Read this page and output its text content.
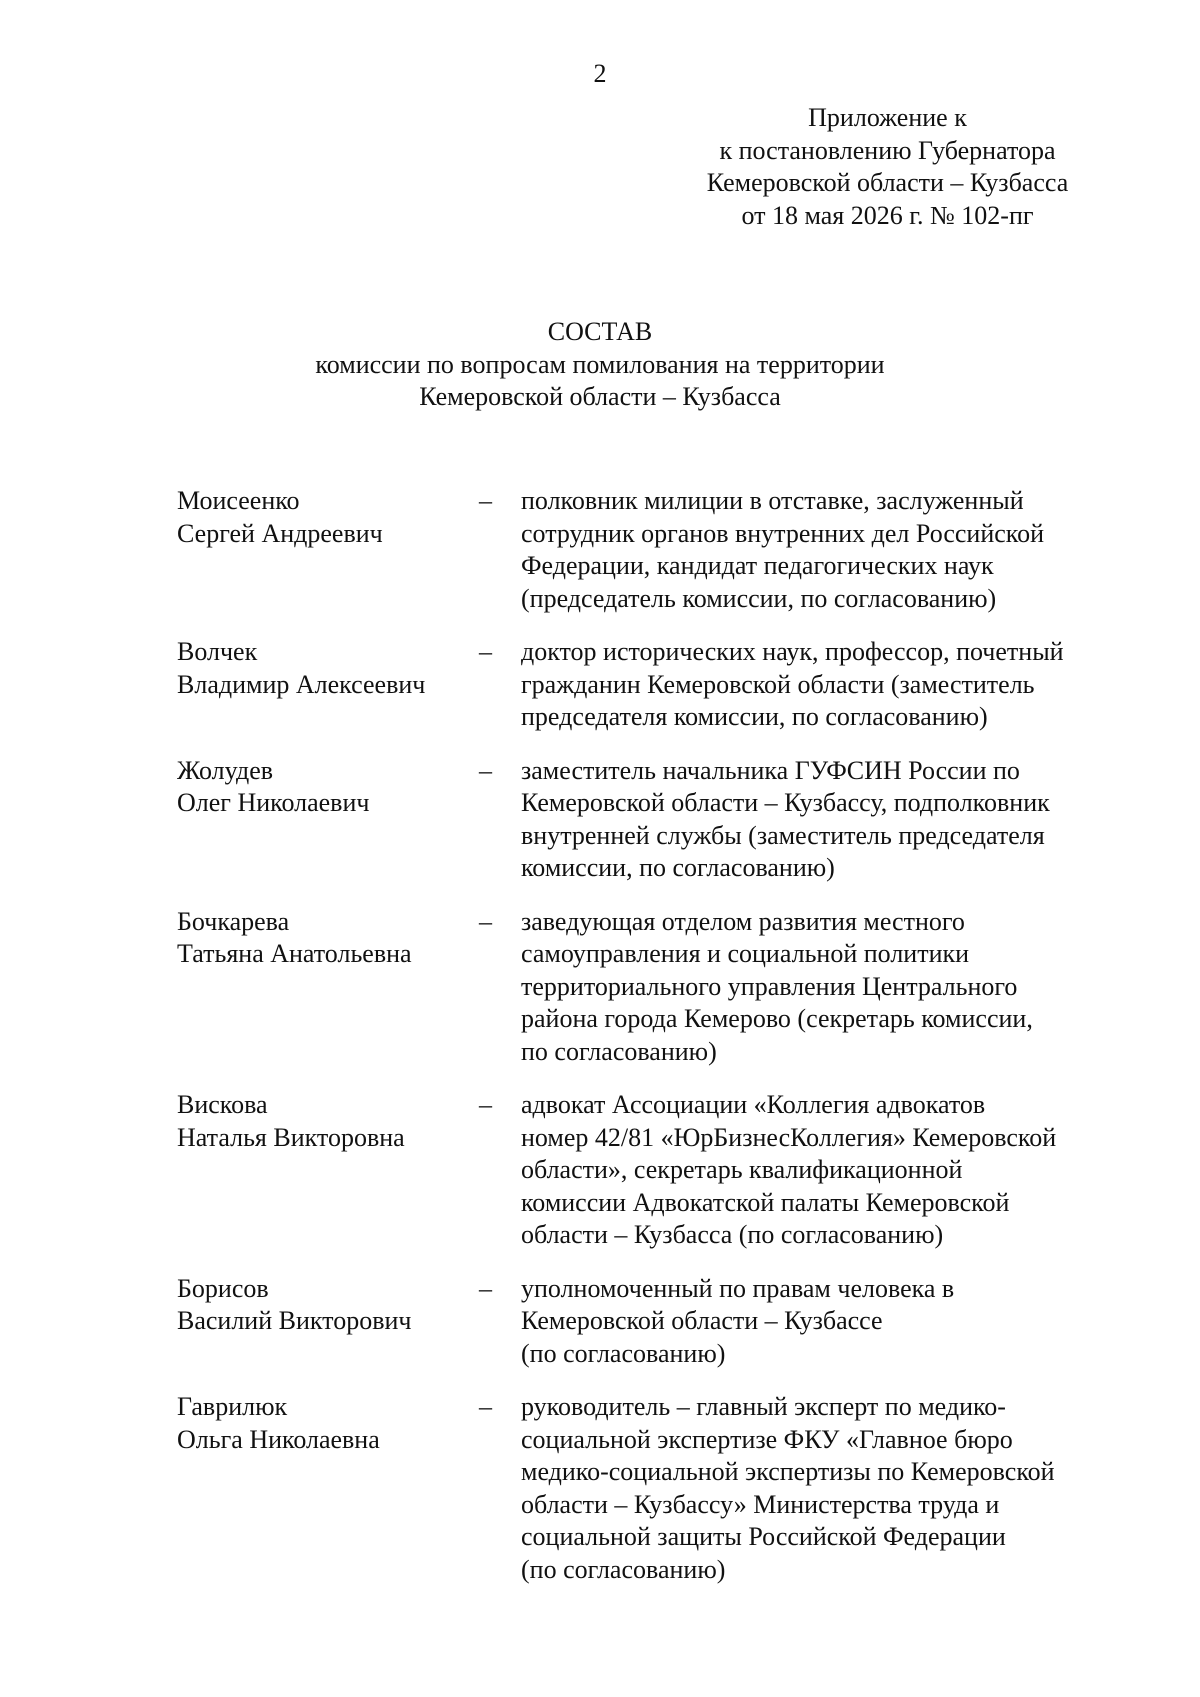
2
Приложение к
к постановлению Губернатора
Кемеровской области – Кузбасса
от 18 мая 2026 г. № 102-пг
СОСТАВ
комиссии по вопросам помилования на территории
Кемеровской области – Кузбасса
Моисеенко
Сергей Андреевич
–	полковник милиции в отставке, заслуженный
сотрудник органов внутренних дел Российской
Федерации, кандидат педагогических наук
(председатель комиссии, по согласованию)
Волчек
Владимир Алексеевич
–	доктор исторических наук, профессор, почетный
гражданин Кемеровской области (заместитель
председателя комиссии, по согласованию)
Жолудев
Олег Николаевич
–	заместитель начальника ГУФСИН России по
Кемеровской области – Кузбассу, подполковник
внутренней службы (заместитель председателя
комиссии, по согласованию)
Бочкарева
Татьяна Анатольевна
–	заведующая отделом развития местного
самоуправления и социальной политики
территориального управления Центрального
района города Кемерово (секретарь комиссии,
по согласованию)
Вискова
Наталья Викторовна
–	адвокат Ассоциации «Коллегия адвокатов
номер 42/81 «ЮрБизнесКоллегия» Кемеровской
области», секретарь квалификационной
комиссии Адвокатской палаты Кемеровской
области – Кузбасса (по согласованию)
Борисов
Василий Викторович
–	уполномоченный по правам человека в
Кемеровской области – Кузбассе
(по согласованию)
Гаврилюк
Ольга Николаевна
–	руководитель – главный эксперт по медико-
социальной экспертизе ФКУ «Главное бюро
медико-социальной экспертизы по Кемеровской
области – Кузбассу» Министерства труда и
социальной защиты Российской Федерации
(по согласованию)
